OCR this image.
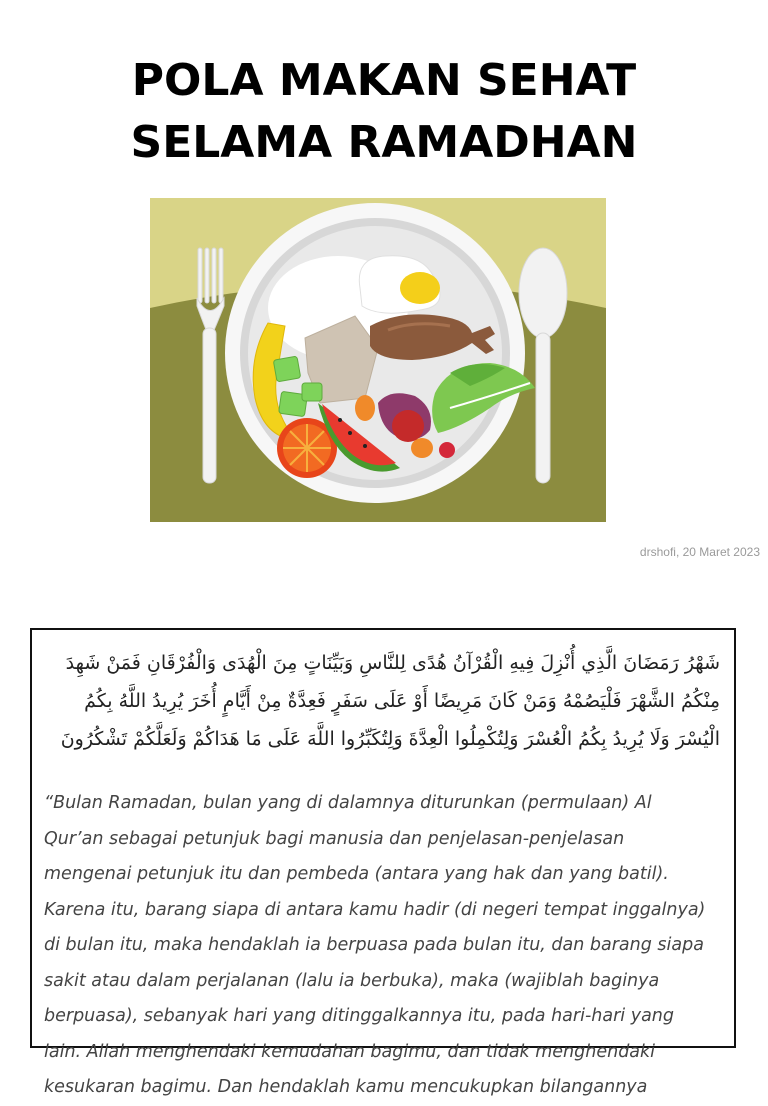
POLA MAKAN SEHAT
SELAMA RAMADHAN
drshofi, 20 Maret 2023
شَهْرُ رَمَضَانَ الَّذِي أُنْزِلَ فِيهِ الْقُرْآنُ هُدًى لِلنَّاسِ وَبَيِّنَاتٍ مِنَ الْهُدَى وَالْفُرْقَانِ فَمَنْ شَهِدَ مِنْكُمُ الشَّهْرَ فَلْيَصُمْهُ وَمَنْ كَانَ مَرِيضًا أَوْ عَلَى سَفَرٍ فَعِدَّةٌ مِنْ أَيَّامٍ أُخَرَ يُرِيدُ اللَّهُ بِكُمُ الْيُسْرَ وَلَا يُرِيدُ بِكُمُ الْعُسْرَ وَلِتُكْمِلُوا الْعِدَّةَ وَلِتُكَبِّرُوا اللَّهَ عَلَى مَا هَدَاكُمْ وَلَعَلَّكُمْ تَشْكُرُونَ
“Bulan Ramadan, bulan yang di dalamnya diturunkan (permulaan) Al Qur’an sebagai petunjuk bagi manusia dan penjelasan-penjelasan mengenai petunjuk itu dan pembeda (antara yang hak dan yang batil). Karena itu, barang siapa di antara kamu hadir (di negeri tempat inggalnya) di bulan itu, maka hendaklah ia berpuasa pada bulan itu, dan barang siapa sakit atau dalam perjalanan (lalu ia berbuka), maka (wajiblah baginya berpuasa), sebanyak hari yang ditinggalkannya itu, pada hari-hari yang lain. Allah menghendaki kemudahan bagimu, dan tidak menghendaki kesukaran bagimu. Dan hendaklah kamu mencukupkan bilangannya
